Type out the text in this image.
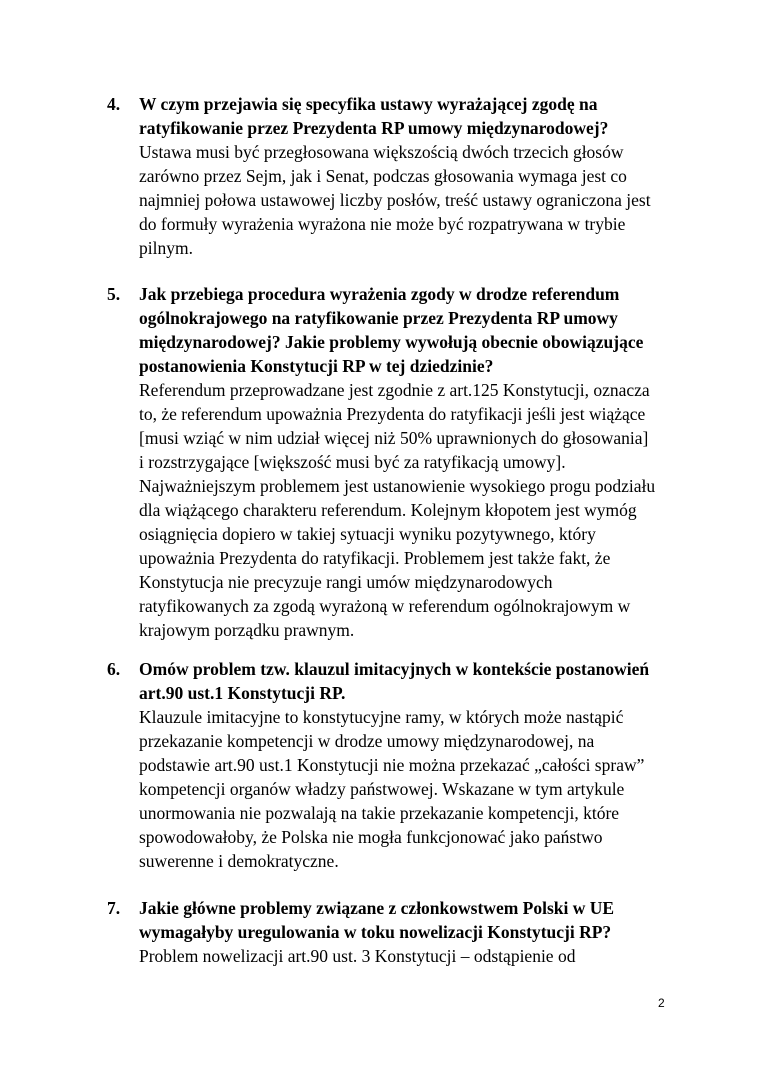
4. W czym przejawia się specyfika ustawy wyrażającej zgodę na
ratyfikowanie przez Prezydenta RP umowy międzynarodowej?
Ustawa musi być przegłosowana większością dwóch trzecich głosów
zarówno przez Sejm, jak i Senat, podczas głosowania wymaga jest co
najmniej połowa ustawowej liczby posłów, treść ustawy ograniczona jest
do formuły wyrażenia wyrażona nie może być rozpatrywana w trybie
pilnym.
5. Jak przebiega procedura wyrażenia zgody w drodze referendum
ogólnokrajowego na ratyfikowanie przez Prezydenta RP umowy
międzynarodowej? Jakie problemy wywołują obecnie obowiązujące
postanowienia Konstytucji RP w tej dziedzinie?
Referendum przeprowadzane jest zgodnie z art.125 Konstytucji, oznacza
to, że referendum upoważnia Prezydenta do ratyfikacji jeśli jest wiążące
[musi wziąć w nim udział więcej niż 50% uprawnionych do głosowania]
i rozstrzygające [większość musi być za ratyfikacją umowy].
Najważniejszym problemem jest ustanowienie wysokiego progu podziału
dla wiążącego charakteru referendum. Kolejnym kłopotem jest wymóg
osiągnięcia dopiero w takiej sytuacji wyniku pozytywnego, który
upoważnia Prezydenta do ratyfikacji. Problemem jest także fakt, że
Konstytucja nie precyzuje rangi umów międzynarodowych
ratyfikowanych za zgodą wyrażoną w referendum ogólnokrajowym w
krajowym porządku prawnym.
6. Omów problem tzw. klauzul imitacyjnych w kontekście postanowień
art.90 ust.1 Konstytucji RP.
Klauzule imitacyjne to konstytucyjne ramy, w których może nastąpić
przekazanie kompetencji w drodze umowy międzynarodowej, na
podstawie art.90 ust.1 Konstytucji nie można przekazać „całości spraw”
kompetencji organów władzy państwowej. Wskazane w tym artykule
unormowania nie pozwalają na takie przekazanie kompetencji, które
spowodowałoby, że Polska nie mogła funkcjonować jako państwo
suwerenne i demokratyczne.
7. Jakie główne problemy związane z członkowstwem Polski w UE
wymagałyby uregulowania w toku nowelizacji Konstytucji RP?
Problem nowelizacji art.90 ust. 3 Konstytucji – odstąpienie od
2
